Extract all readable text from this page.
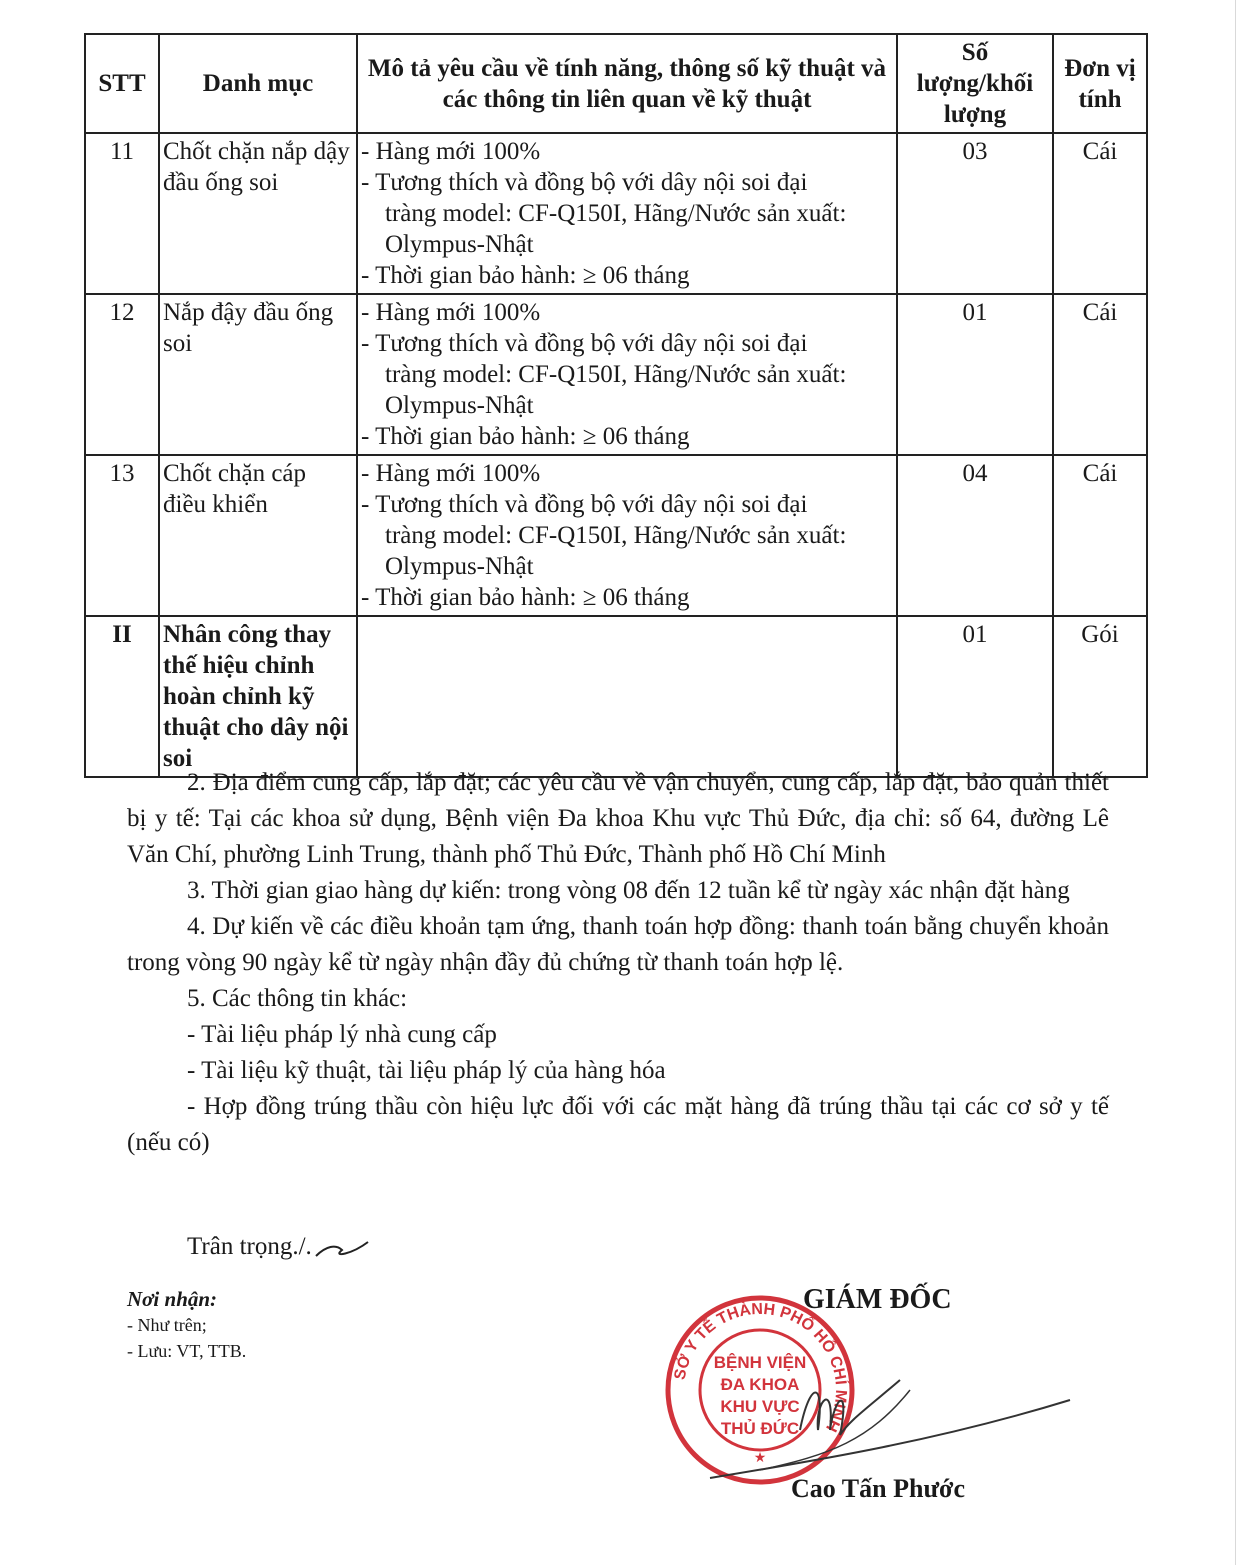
STT	Danh mục	Mô tả yêu cầu về tính năng, thông số kỹ thuật và các thông tin liên quan về kỹ thuật	Số lượng/khối lượng	Đơn vị tính
11	Chốt chặn nắp dậy đầu ống soi	- Hàng mới 100%
- Tương thích và đồng bộ với dây nội soi đại
tràng model: CF-Q150I, Hãng/Nước sản xuất:
Olympus-Nhật
- Thời gian bảo hành: ≥ 06 tháng	03	Cái
12	Nắp đậy đầu ống soi	- Hàng mới 100%
- Tương thích và đồng bộ với dây nội soi đại
tràng model: CF-Q150I, Hãng/Nước sản xuất:
Olympus-Nhật
- Thời gian bảo hành: ≥ 06 tháng	01	Cái
13	Chốt chặn cáp điều khiển	- Hàng mới 100%
- Tương thích và đồng bộ với dây nội soi đại
tràng model: CF-Q150I, Hãng/Nước sản xuất:
Olympus-Nhật
- Thời gian bảo hành: ≥ 06 tháng	04	Cái
II	Nhân công thay thế hiệu chỉnh hoàn chỉnh kỹ thuật cho dây nội soi		01	Gói

2. Địa điểm cung cấp, lắp đặt; các yêu cầu về vận chuyển, cung cấp, lắp đặt, bảo quản thiết bị y tế: Tại các khoa sử dụng, Bệnh viện Đa khoa Khu vực Thủ Đức, địa chỉ: số 64, đường Lê Văn Chí, phường Linh Trung, thành phố Thủ Đức, Thành phố Hồ Chí Minh

3. Thời gian giao hàng dự kiến: trong vòng 08 đến 12 tuần kể từ ngày xác nhận đặt hàng

4. Dự kiến về các điều khoản tạm ứng, thanh toán hợp đồng: thanh toán bằng chuyển khoản trong vòng 90 ngày kể từ ngày nhận đầy đủ chứng từ thanh toán hợp lệ.

5. Các thông tin khác:

- Tài liệu pháp lý nhà cung cấp

- Tài liệu kỹ thuật, tài liệu pháp lý của hàng hóa

- Hợp đồng trúng thầu còn hiệu lực đối với các mặt hàng đã trúng thầu tại các cơ sở y tế (nếu có)

Trân trọng./.
Nơi nhận:
- Như trên;
- Lưu: VT, TTB.
SỞ Y TẾ THÀNH PHỐ HỒ CHÍ MINH
BỆNH VIỆN
ĐA KHOA
KHU VỰC
THỦ ĐỨC
★
GIÁM ĐỐC
Cao Tấn Phước
